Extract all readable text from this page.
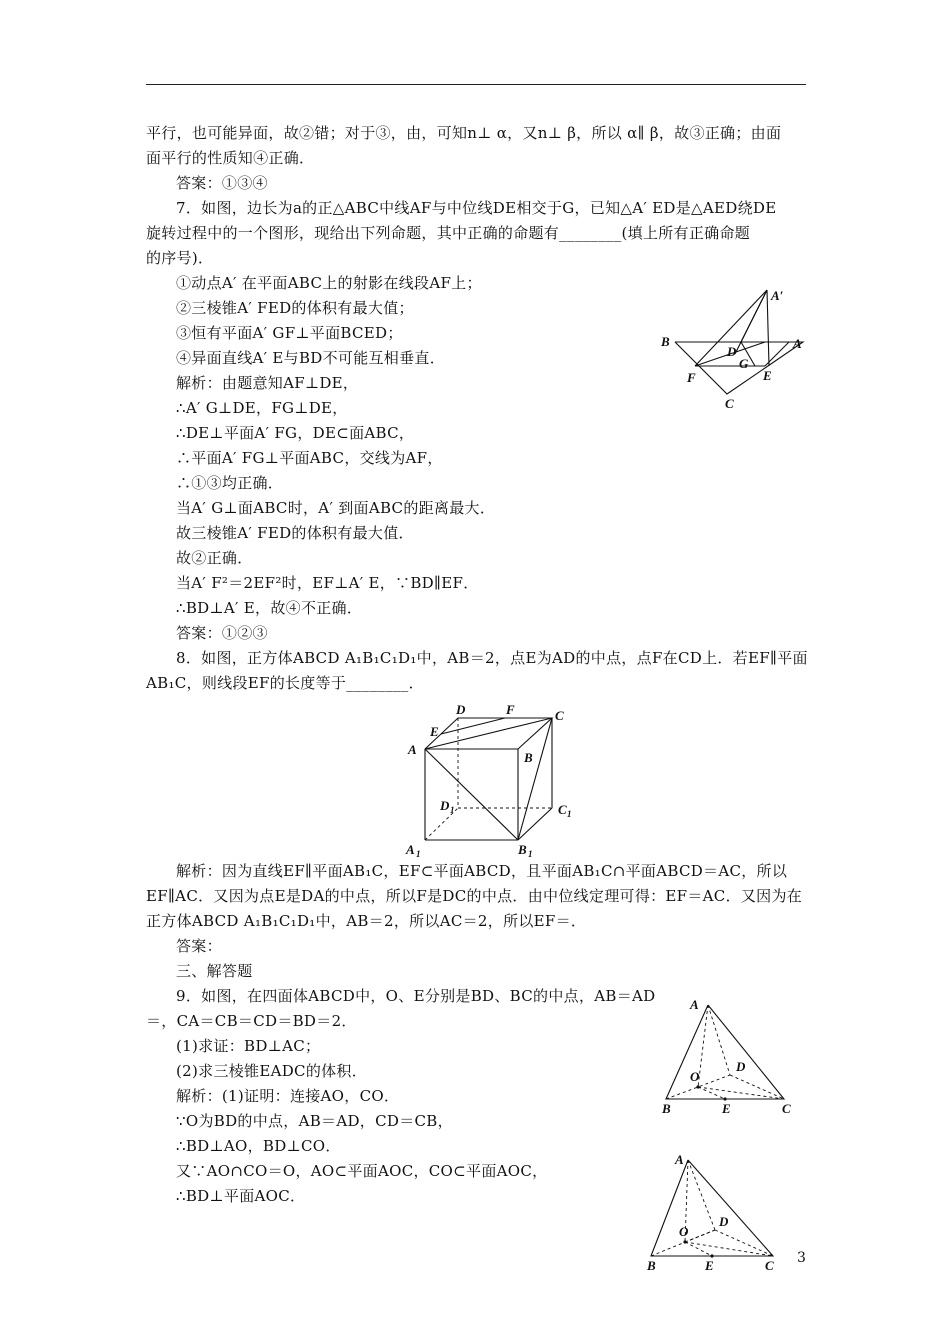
平行，也可能异面，故②错；对于③，由，可知n⊥ α，又n⊥ β，所以 α∥ β，故③正确；由面
面平行的性质知④正确．
答案：①③④
7．如图，边长为a的正△ABC中线AF与中位线DE相交于G，已知△A′ ED是△AED绕DE
旋转过程中的一个图形，现给出下列命题，其中正确的命题有________(填上所有正确命题
的序号)．
①动点A′ 在平面ABC上的射影在线段AF上；
②三棱锥A′ FED的体积有最大值；
③恒有平面A′ GF⊥平面BCED；
④异面直线A′ E与BD不可能互相垂直．
解析：由题意知AF⊥DE，
∴A′ G⊥DE，FG⊥DE，
∴DE⊥平面A′ FG，DE⊂面ABC，
∴平面A′ FG⊥平面ABC，交线为AF，
∴①③均正确．
当A′ G⊥面ABC时，A′ 到面ABC的距离最大．
故三棱锥A′ FED的体积有最大值．
故②正确．
当A′ F²＝2EF²时，EF⊥A′ E，∵BD∥EF．
∴BD⊥A′ E，故④不正确．
答案：①②③
8．如图，正方体ABCD A₁B₁C₁D₁中，AB＝2，点E为AD的中点，点F在CD上．若EF∥平面
AB₁C，则线段EF的长度等于________．
解析：因为直线EF∥平面AB₁C，EF⊂平面ABCD，且平面AB₁C∩平面ABCD＝AC，所以
EF∥AC．又因为点E是DA的中点，所以F是DC的中点．由中位线定理可得：EF＝AC．又因为在
正方体ABCD A₁B₁C₁D₁中，AB＝2，所以AC＝2，所以EF＝．
答案：
三、解答题
9．如图，在四面体ABCD中，O、E分别是BD、BC的中点，AB＝AD
＝，CA＝CB＝CD＝BD＝2．
(1)求证：BD⊥AC；
(2)求三棱锥EADC的体积．
解析：(1)证明：连接AO，CO．
∵O为BD的中点，AB＝AD，CD＝CB，
∴BD⊥AO，BD⊥CO．
又∵AO∩CO＝O，AO⊂平面AOC，CO⊂平面AOC，
∴BD⊥平面AOC．
A′
B	A
D
G
F	E
C
D	F	C
E
A
B
D 1	C 1
A 1	B 1
A
D
O
B	E	C
A
D
O
B	E	C 3
